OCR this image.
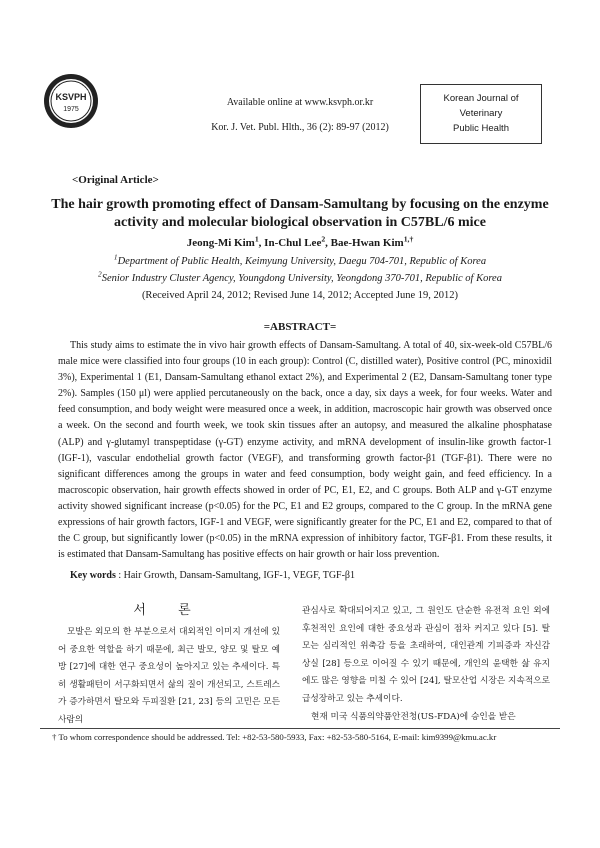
KSVPH
1975
Available online at www.ksvph.or.kr
Kor. J. Vet. Publ. Hlth., 36 (2): 89-97 (2012)
Korean Journal of
Veterinary
Public Health
<Original Article>
The hair growth promoting effect of Dansam-Samultang by focusing on the enzyme activity and molecular biological observation in C57BL/6 mice
Jeong-Mi Kim$^1$, In-Chul Lee$^2$, Bae-Hwan Kim$^{1,\dagger}$
$^1$Department of Public Health, Keimyung University, Daegu 704-701, Republic of Korea
$^2$Senior Industry Cluster Agency, Youngdong University, Yeongdong 370-701, Republic of Korea
(Received April 24, 2012; Revised June 14, 2012; Accepted June 19, 2012)
=ABSTRACT=
This study aims to estimate the in vivo hair growth effects of Dansam-Samultang. A total of 40, six-week-old C57BL/6 male mice were classified into four groups (10 in each group): Control (C, distilled water), Positive control (PC, minoxidil 3%), Experimental 1 (E1, Dansam-Samultang ethanol extact 2%), and Experimental 2 (E2, Dansam-Samultang toner type 2%). Samples (150 μl) were applied percutaneously on the back, once a day, six days a week, for four weeks. Water and feed consumption, and body weight were measured once a week, in addition, macroscopic hair growth was observed once a week. On the second and fourth week, we took skin tissues after an autopsy, and measured the alkaline phosphatase (ALP) and γ-glutamyl transpeptidase (γ-GT) enzyme activity, and mRNA development of insulin-like growth factor-1 (IGF-1), vascular endothelial growth factor (VEGF), and transforming growth factor-β1 (TGF-β1). There were no significant differences among the groups in water and feed consumption, body weight gain, and feed efficiency. In a macroscopic observation, hair growth effects showed in order of PC, E1, E2, and C groups. Both ALP and γ-GT enzyme activity showed significant increase (p<0.05) for the PC, E1 and E2 groups, compared to the C group. In the mRNA gene expressions of hair growth factors, IGF-1 and VEGF, were significantly greater for the PC, E1 and E2, compared to that of the C group, but significantly lower (p<0.05) in the mRNA expression of inhibitory factor, TGF-β1. From these results, it is estimated that Dansam-Samultang has positive effects on hair growth or hair loss prevention.
Key words : Hair Growth, Dansam-Samultang, IGF-1, VEGF, TGF-β1
서 론

모발은 외모의 한 부분으로서 대외적인 이미지 개선에 있어 중요한 역할을 하기 때문에, 최근 발모, 양모 및 탈모 예방 [27]에 대한 연구 중요성이 높아지고 있는 추세이다. 특히 생활패턴이 서구화되면서 삶의 질이 개선되고, 스트레스가 증가하면서 탈모와 두피질환 [21, 23] 등의 고민은 모든 사람의

관심사로 확대되어지고 있고, 그 원인도 단순한 유전적 요인 외에 후천적인 요인에 대한 중요성과 관심이 점차 커지고 있다 [5]. 탈모는 심리적인 위축감 등을 초래하여, 대인관계 기피증과 자신감 상실 [28] 등으로 이어질 수 있기 때문에, 개인의 윤택한 삶 유지에도 많은 영향을 미칠 수 있어 [24], 탈모산업 시장은 지속적으로 급성장하고 있는 추세이다.

현재 미국 식품의약품안전청(US-FDA)에 승인을 받은

† To whom correspondence should be addressed. Tel: +82-53-580-5933, Fax: +82-53-580-5164, E-mail: kim9399@kmu.ac.kr
